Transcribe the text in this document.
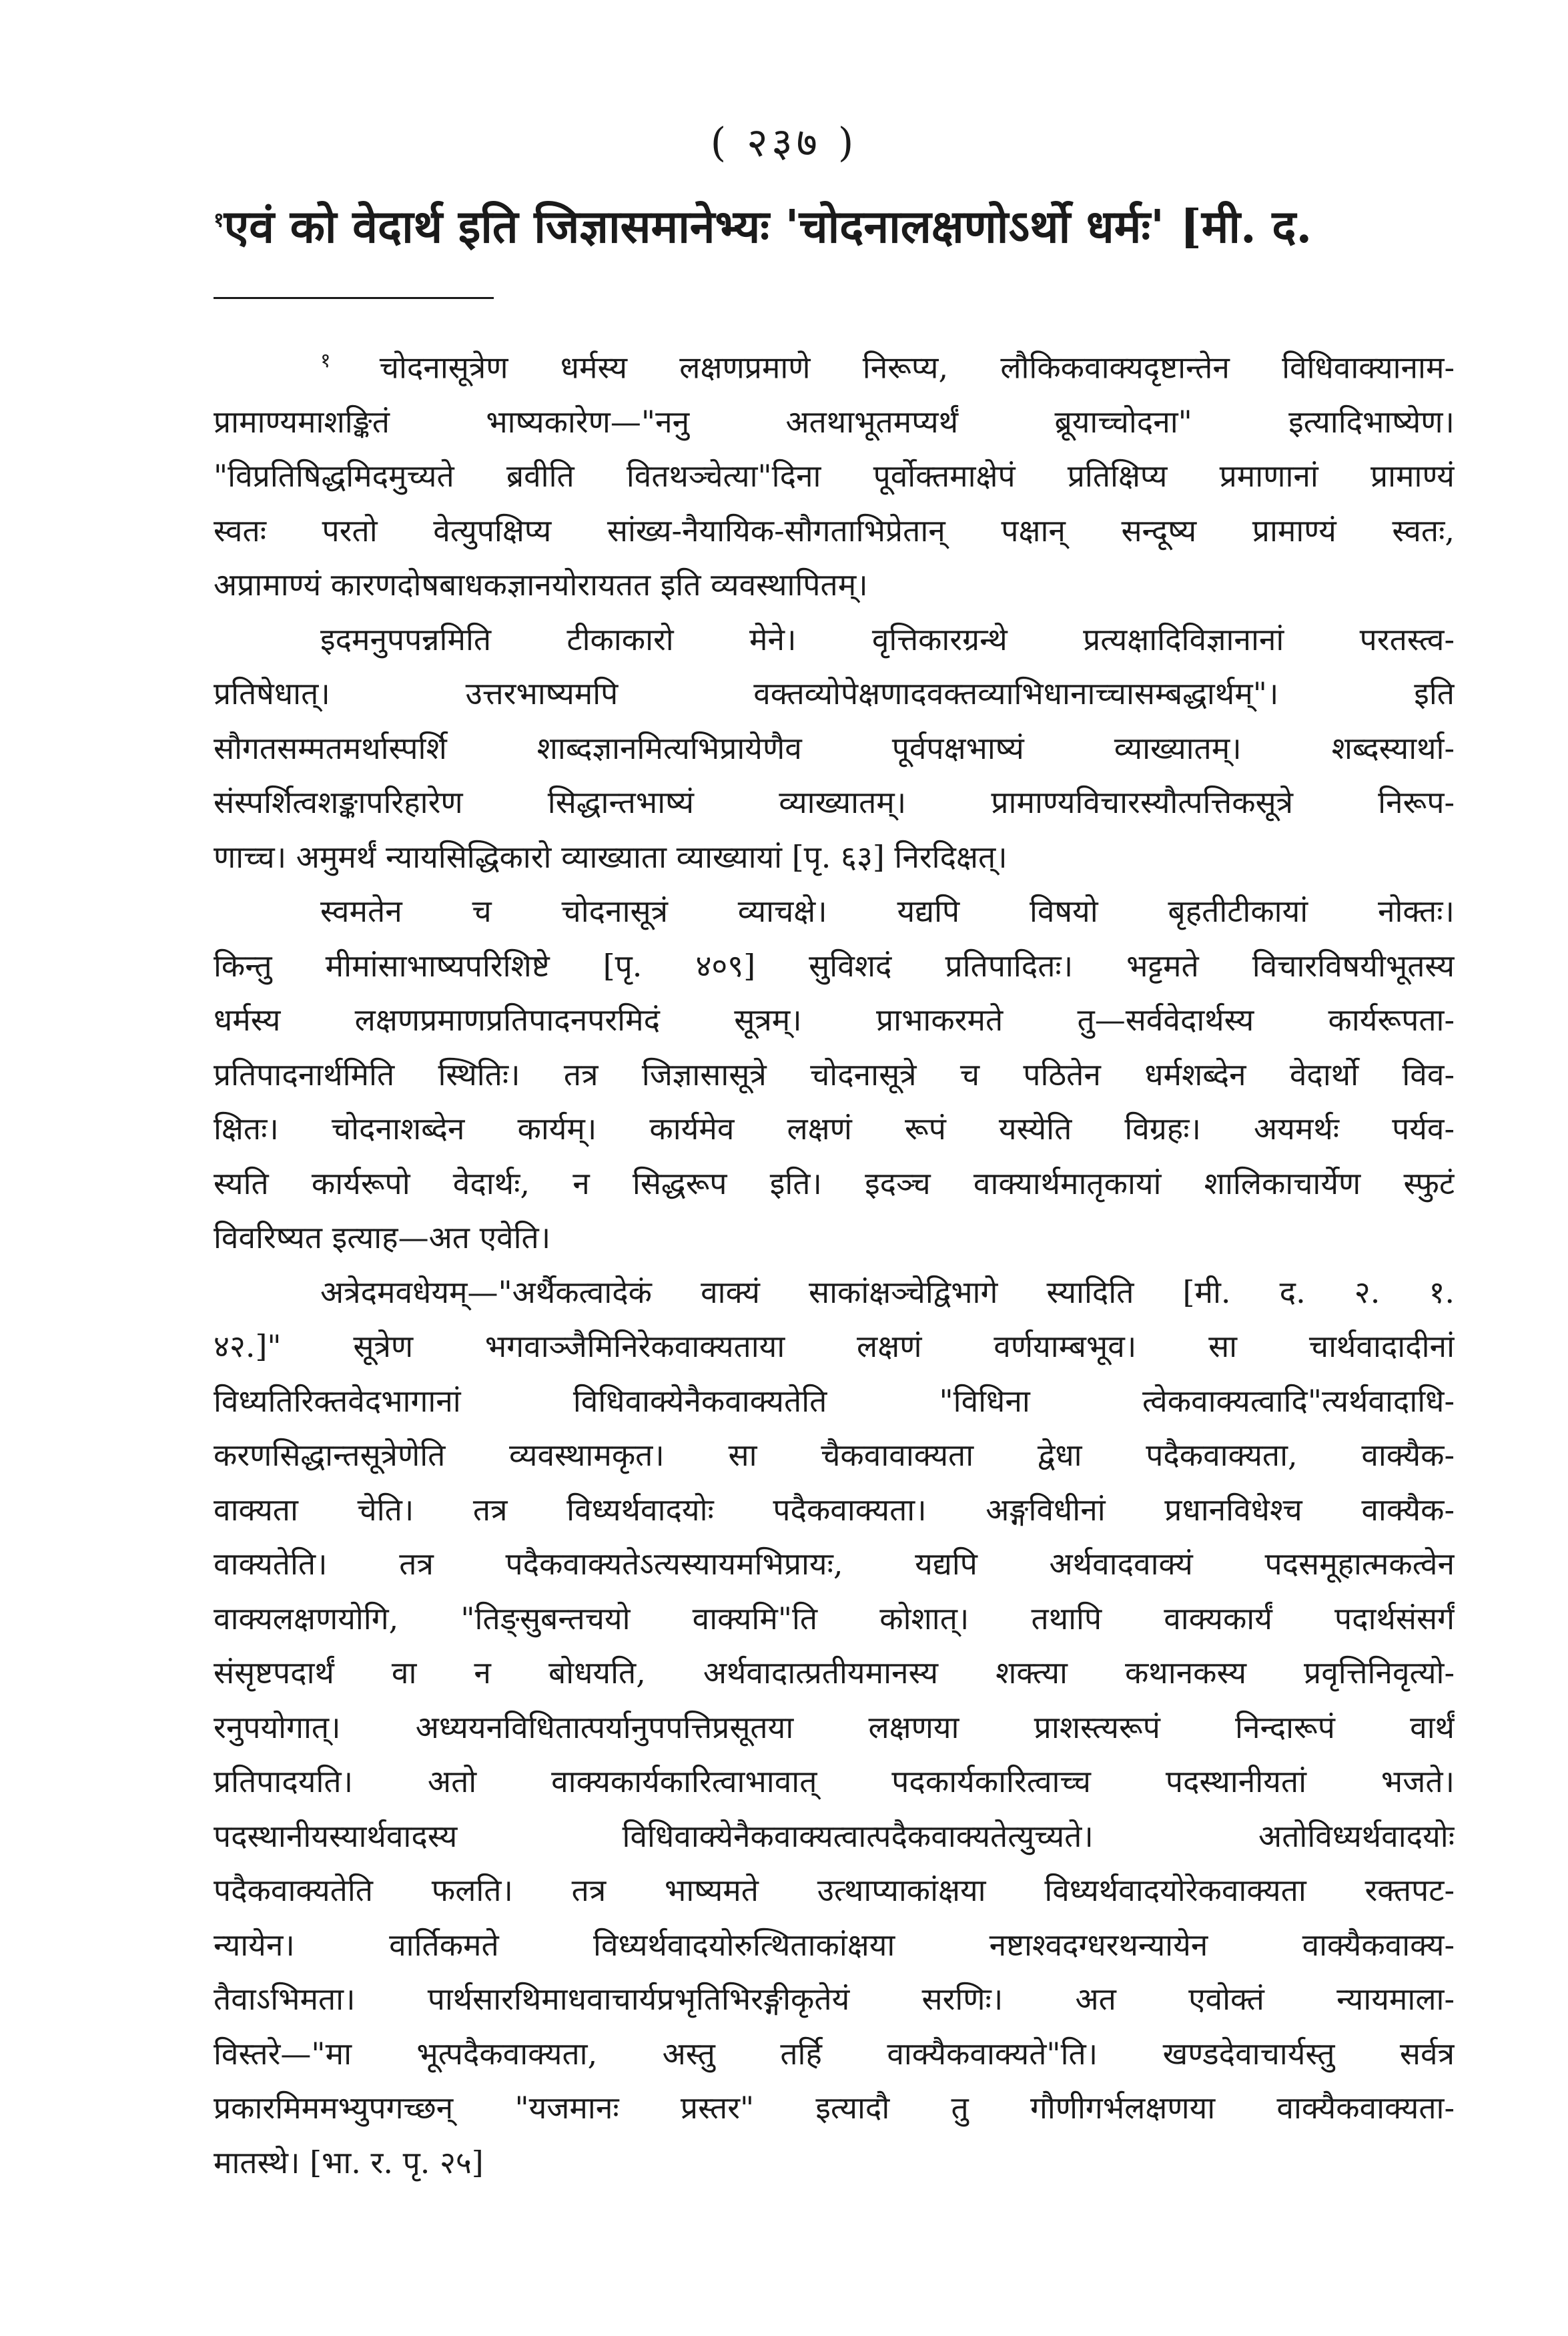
( २३७ )
$^१$एवं को वेदार्थ इति जिज्ञासमानेभ्यः 'चोदनालक्षणोऽर्थो धर्मः' [मी. द.
$^१$ चोदनासूत्रेण धर्मस्य लक्षणप्रमाणे निरूप्य, लौकिकवाक्यदृष्टान्तेन विधिवाक्यानाम-
प्रामाण्यमाशङ्कितं भाष्यकारेण—"ननु अतथाभूतमप्यर्थं ब्रूयाच्चोदना" इत्यादिभाष्येण।
"विप्रतिषिद्धमिदमुच्यते ब्रवीति वितथञ्चेत्या"दिना पूर्वोक्तमाक्षेपं प्रतिक्षिप्य प्रमाणानां प्रामाण्यं
स्वतः परतो वेत्युपक्षिप्य सांख्य-नैयायिक-सौगताभिप्रेतान् पक्षान् सन्दूष्य प्रामाण्यं स्वतः,
अप्रामाण्यं कारणदोषबाधकज्ञानयोरायतत इति व्यवस्थापितम्।
इदमनुपपन्नमिति टीकाकारो मेने। वृत्तिकारग्रन्थे प्रत्यक्षादिविज्ञानानां परतस्त्व-
प्रतिषेधात्। उत्तरभाष्यमपि वक्तव्योपेक्षणादवक्तव्याभिधानाच्चासम्बद्धार्थम्"। इति
सौगतसम्मतमर्थास्पर्शि शाब्दज्ञानमित्यभिप्रायेणैव पूर्वपक्षभाष्यं व्याख्यातम्। शब्दस्यार्था-
संस्पर्शित्वशङ्कापरिहारेण सिद्धान्तभाष्यं व्याख्यातम्। प्रामाण्यविचारस्यौत्पत्तिकसूत्रे निरूप-
णाच्च। अमुमर्थं न्यायसिद्धिकारो व्याख्याता व्याख्यायां [पृ. ६३] निरदिक्षत्।
स्वमतेन च चोदनासूत्रं व्याचक्षे। यद्यपि विषयो बृहतीटीकायां नोक्तः।
किन्तु मीमांसाभाष्यपरिशिष्टे [पृ. ४०९] सुविशदं प्रतिपादितः। भट्टमते विचारविषयीभूतस्य
धर्मस्य लक्षणप्रमाणप्रतिपादनपरमिदं सूत्रम्। प्राभाकरमते तु—सर्ववेदार्थस्य कार्यरूपता-
प्रतिपादनार्थमिति स्थितिः। तत्र जिज्ञासासूत्रे चोदनासूत्रे च पठितेन धर्मशब्देन वेदार्थो विव-
क्षितः। चोदनाशब्देन कार्यम्। कार्यमेव लक्षणं रूपं यस्येति विग्रहः। अयमर्थः पर्यव-
स्यति कार्यरूपो वेदार्थः, न सिद्धरूप इति। इदञ्च वाक्यार्थमातृकायां शालिकाचार्येण स्फुटं
विवरिष्यत इत्याह—अत एवेति।
अत्रेदमवधेयम्—"अर्थैकत्वादेकं वाक्यं साकांक्षञ्चेद्विभागे स्यादिति [मी. द. २. १.
४२.]" सूत्रेण भगवाञ्जैमिनिरेकवाक्यताया लक्षणं वर्णयाम्बभूव। सा चार्थवादादीनां
विध्यतिरिक्तवेदभागानां विधिवाक्येनैकवाक्यतेति "विधिना त्वेकवाक्यत्वादि"त्यर्थवादाधि-
करणसिद्धान्तसूत्रेणेति व्यवस्थामकृत। सा चैकवावाक्यता द्वेधा पदैकवाक्यता, वाक्यैक-
वाक्यता चेति। तत्र विध्यर्थवादयोः पदैकवाक्यता। अङ्गविधीनां प्रधानविधेश्च वाक्यैक-
वाक्यतेति। तत्र पदैकवाक्यतेऽत्यस्यायमभिप्रायः, यद्यपि अर्थवादवाक्यं पदसमूहात्मकत्वेन
वाक्यलक्षणयोगि, "तिङ्सुबन्तचयो वाक्यमि"ति कोशात्। तथापि वाक्यकार्यं पदार्थसंसर्गं
संसृष्टपदार्थं वा न बोधयति, अर्थवादात्प्रतीयमानस्य शक्त्या कथानकस्य प्रवृत्तिनिवृत्यो-
रनुपयोगात्। अध्ययनविधितात्पर्यानुपपत्तिप्रसूतया लक्षणया प्राशस्त्यरूपं निन्दारूपं वार्थं
प्रतिपादयति। अतो वाक्यकार्यकारित्वाभावात् पदकार्यकारित्वाच्च पदस्थानीयतां भजते।
पदस्थानीयस्यार्थवादस्य विधिवाक्येनैकवाक्यत्वात्पदैकवाक्यतेत्युच्यते। अतोविध्यर्थवादयोः
पदैकवाक्यतेति फलति। तत्र भाष्यमते उत्थाप्याकांक्षया विध्यर्थवादयोरेकवाक्यता रक्तपट-
न्यायेन। वार्तिकमते विध्यर्थवादयोरुत्थिताकांक्षया नष्टाश्वदग्धरथन्यायेन वाक्यैकवाक्य-
तैवाऽभिमता। पार्थसारथिमाधवाचार्यप्रभृतिभिरङ्गीकृतेयं सरणिः। अत एवोक्तं न्यायमाला-
विस्तरे—"मा भूत्पदैकवाक्यता, अस्तु तर्हि वाक्यैकवाक्यते"ति। खण्डदेवाचार्यस्तु सर्वत्र
प्रकारमिममभ्युपगच्छन् "यजमानः प्रस्तर" इत्यादौ तु गौणीगर्भलक्षणया वाक्यैकवाक्यता-
मातस्थे। [भा. र. पृ. २५]
